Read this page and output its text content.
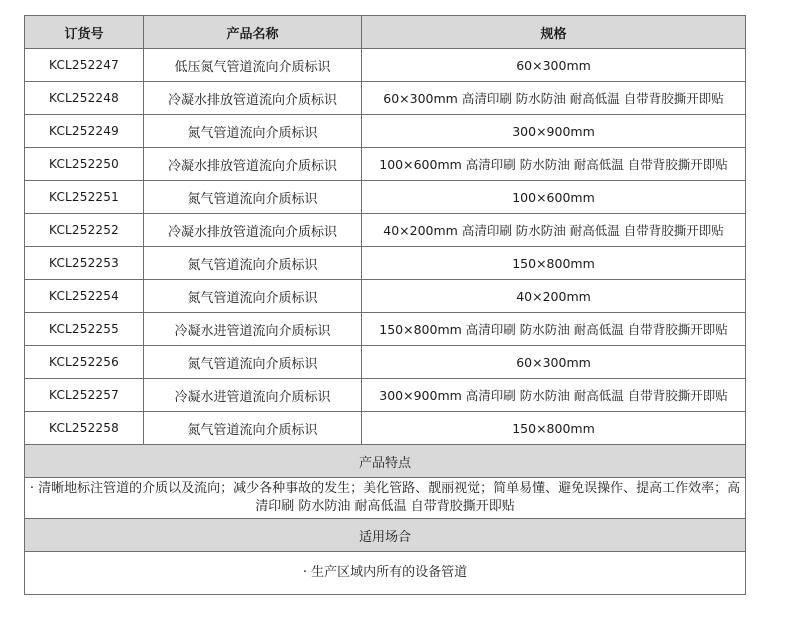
订货号	产品名称	规格
KCL252247	低压氮气管道流向介质标识	60×300mm
KCL252248	冷凝水排放管道流向介质标识	60×300mm 高清印刷 防水防油 耐高低温 自带背胶撕开即贴
KCL252249	氮气管道流向介质标识	300×900mm
KCL252250	冷凝水排放管道流向介质标识	100×600mm 高清印刷 防水防油 耐高低温 自带背胶撕开即贴
KCL252251	氮气管道流向介质标识	100×600mm
KCL252252	冷凝水排放管道流向介质标识	40×200mm 高清印刷 防水防油 耐高低温 自带背胶撕开即贴
KCL252253	氮气管道流向介质标识	150×800mm
KCL252254	氮气管道流向介质标识	40×200mm
KCL252255	冷凝水进管道流向介质标识	150×800mm 高清印刷 防水防油 耐高低温 自带背胶撕开即贴
KCL252256	氮气管道流向介质标识	60×300mm
KCL252257	冷凝水进管道流向介质标识	300×900mm 高清印刷 防水防油 耐高低温 自带背胶撕开即贴
KCL252258	氮气管道流向介质标识	150×800mm
产品特点		
· 清晰地标注管道的介质以及流向；减少各种事故的发生；美化管路、靓丽视觉；简单易懂、避免误操作、提高工作效率；高清印刷 防水防油 耐高低温 自带背胶撕开即贴		
适用场合		
· 生产区域内所有的设备管道		
